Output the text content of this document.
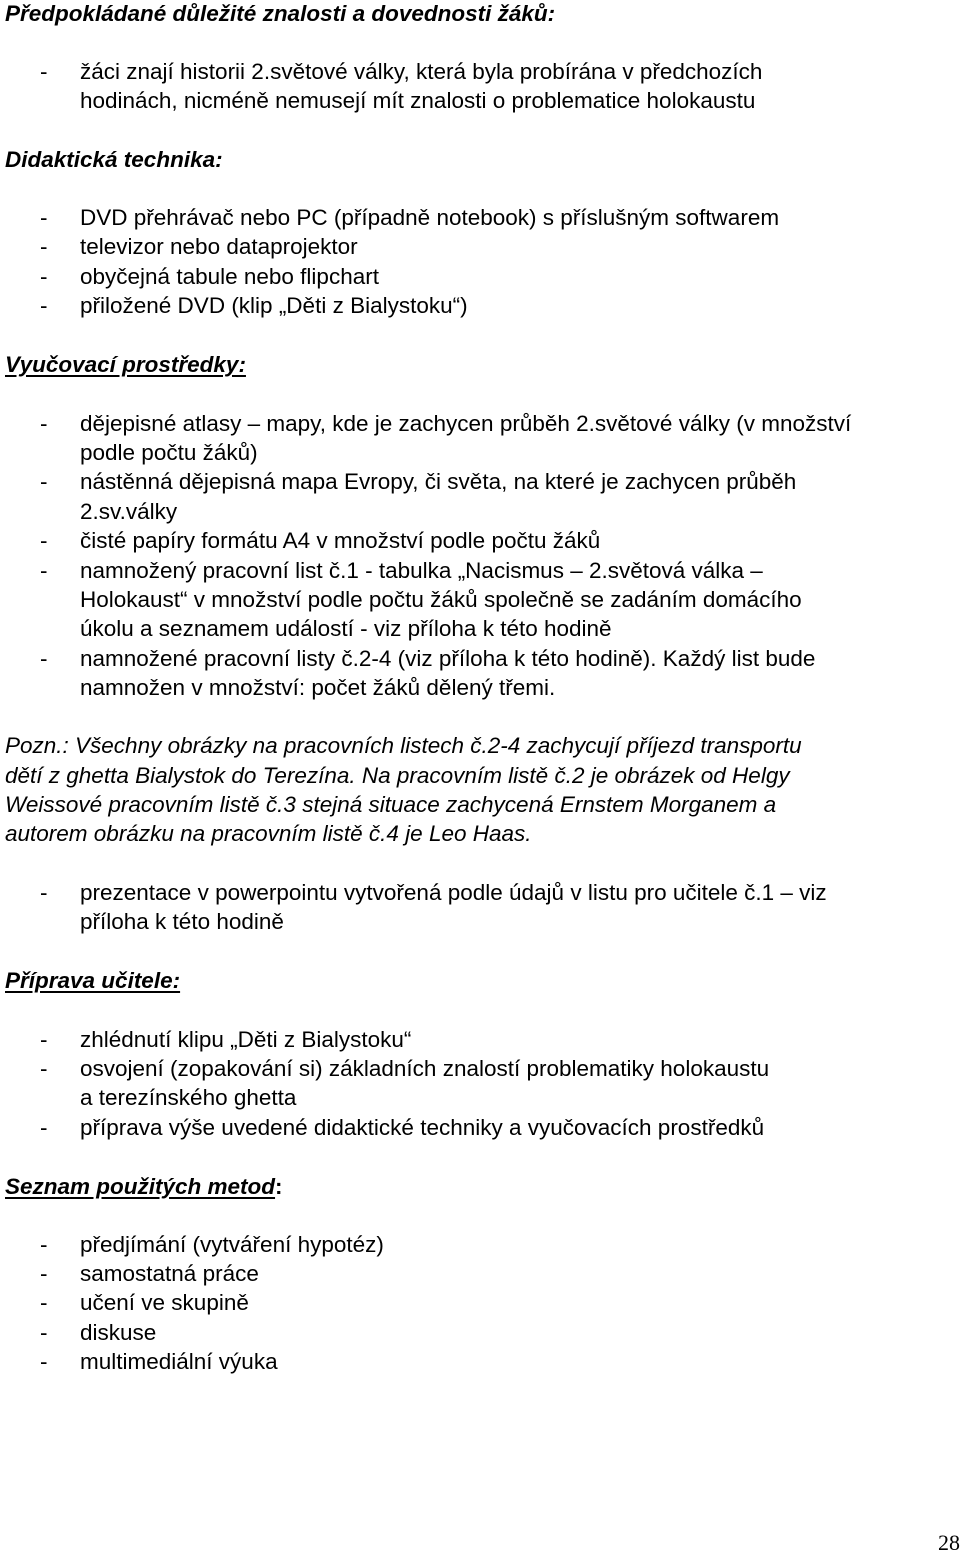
Předpokládané důležité znalosti a dovednosti žáků:
-	žáci znají historii 2.světové války, která byla probírána v předchozích
hodinách, nicméně nemusejí mít znalosti o problematice holokaustu
Didaktická technika:
-	DVD přehrávač nebo PC (případně notebook) s příslušným softwarem
-	televizor nebo dataprojektor
-	obyčejná tabule nebo flipchart
-	přiložené DVD (klip „Děti z Bialystoku“)
Vyučovací prostředky:
-	dějepisné atlasy – mapy, kde je zachycen průběh 2.světové války (v množství
podle počtu žáků)
-	nástěnná dějepisná mapa Evropy, či světa, na které je zachycen průběh
2.sv.války
-	čisté papíry formátu A4 v množství podle počtu žáků
-	namnožený pracovní list č.1 - tabulka „Nacismus – 2.světová válka –
Holokaust“ v množství podle počtu žáků společně se zadáním domácího
úkolu a seznamem událostí - viz příloha k této hodině
-	namnožené pracovní listy č.2-4 (viz příloha k této hodině). Každý list bude
namnožen v množství: počet žáků dělený třemi.
Pozn.: Všechny obrázky na pracovních listech č.2-4 zachycují příjezd transportu
dětí z ghetta Bialystok do Terezína. Na pracovním listě č.2 je obrázek od Helgy
Weissové pracovním listě č.3 stejná situace zachycená Ernstem Morganem a
autorem obrázku na pracovním listě č.4 je Leo Haas.
-	prezentace v powerpointu vytvořená podle údajů v listu pro učitele č.1 – viz
příloha k této hodině
Příprava učitele:
-	zhlédnutí klipu „Děti z Bialystoku“
-	osvojení (zopakování si) základních znalostí problematiky holokaustu
a terezínského ghetta
-	příprava výše uvedené didaktické techniky a vyučovacích prostředků
Seznam použitých metod:
-	předjímání (vytváření hypotéz)
-	samostatná práce
-	učení ve skupině
-	diskuse
-	multimediální výuka
28
